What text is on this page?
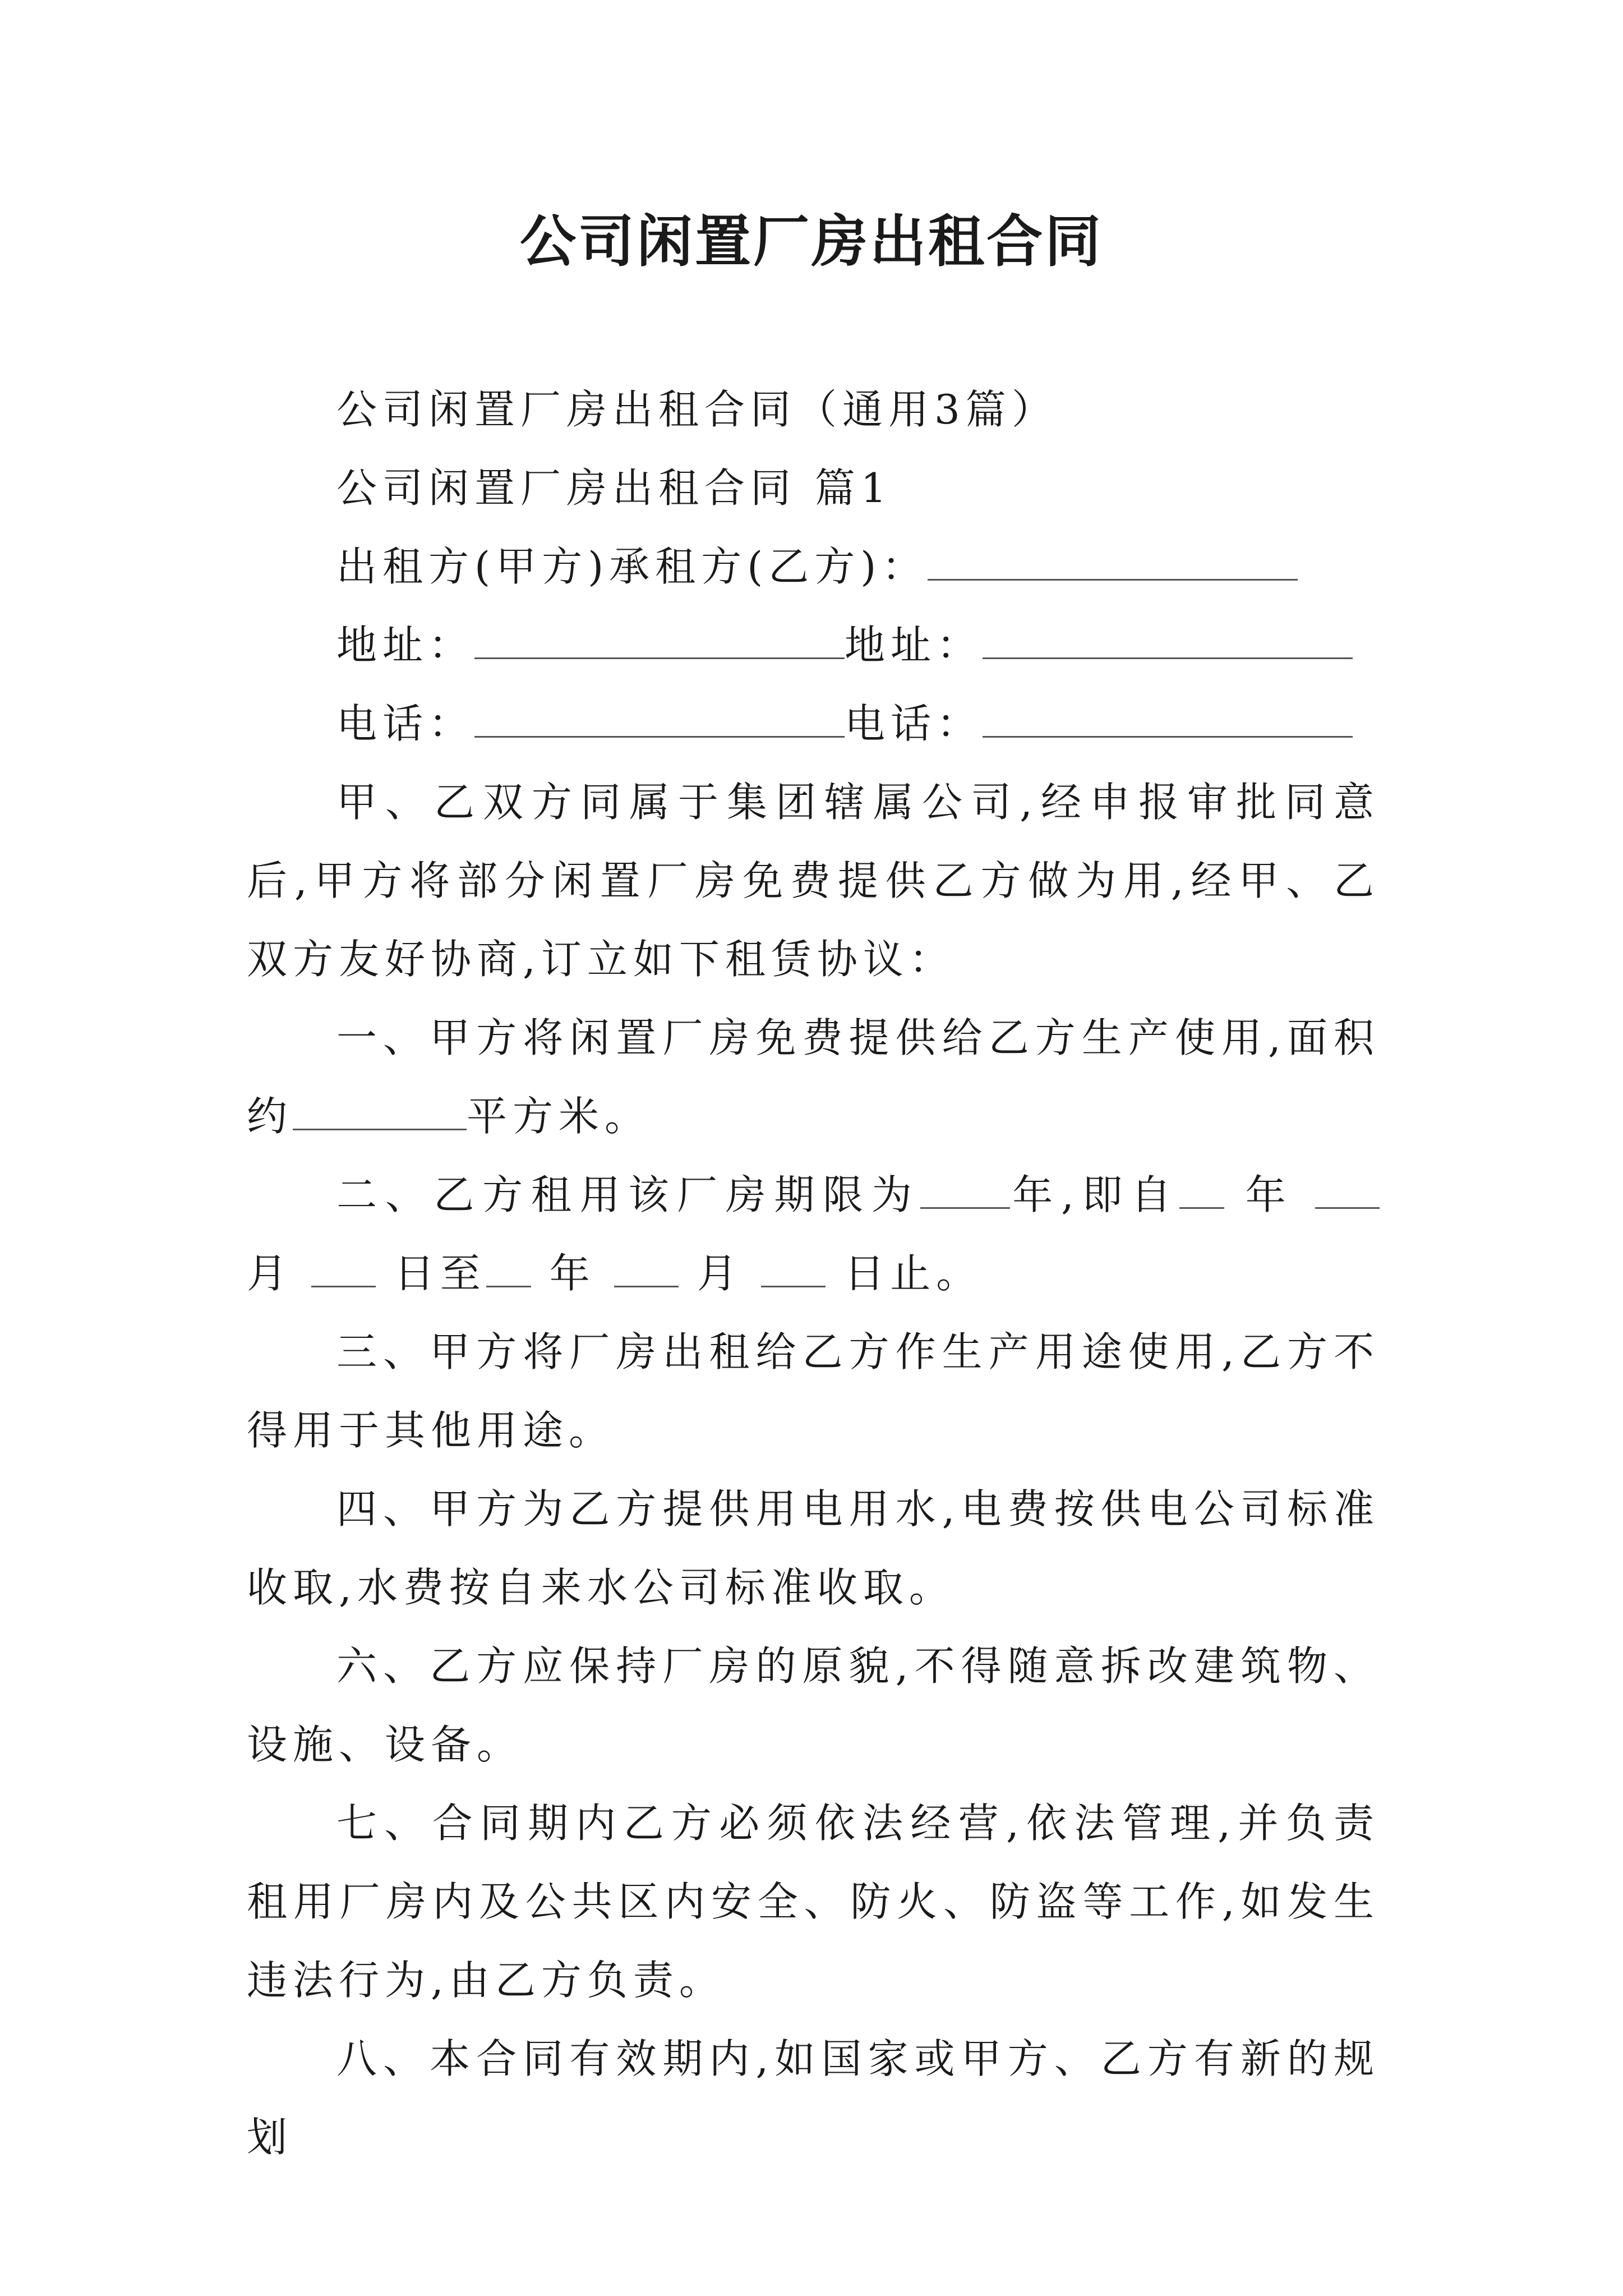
公司闲置厂房出租合同

公司闲置厂房出租合同（通用3篇）

公司闲置厂房出租合同 篇1

出租方(甲方)承租方(乙方)：

地址：	地址：

电话：	电话：

甲、乙双方同属于集团辖属公司,经申报审批同意后,甲方将部分闲置厂房免费提供乙方做为用,经甲、乙双方友好协商,订立如下租赁协议：

一、甲方将闲置厂房免费提供给乙方生产使用,面积约	平方米。

二、乙方租用该厂房期限为 年,即自 年  月	日至 年	月	日止。

三、甲方将厂房出租给乙方作生产用途使用,乙方不得用于其他用途。

四、甲方为乙方提供用电用水,电费按供电公司标准收取,水费按自来水公司标准收取。

六、乙方应保持厂房的原貌,不得随意拆改建筑物、设施、设备。

七、合同期内乙方必须依法经营,依法管理,并负责租用厂房内及公共区内安全、防火、防盗等工作,如发生违法行为,由乙方负责。

八、本合同有效期内,如国家或甲方、乙方有新的规划
